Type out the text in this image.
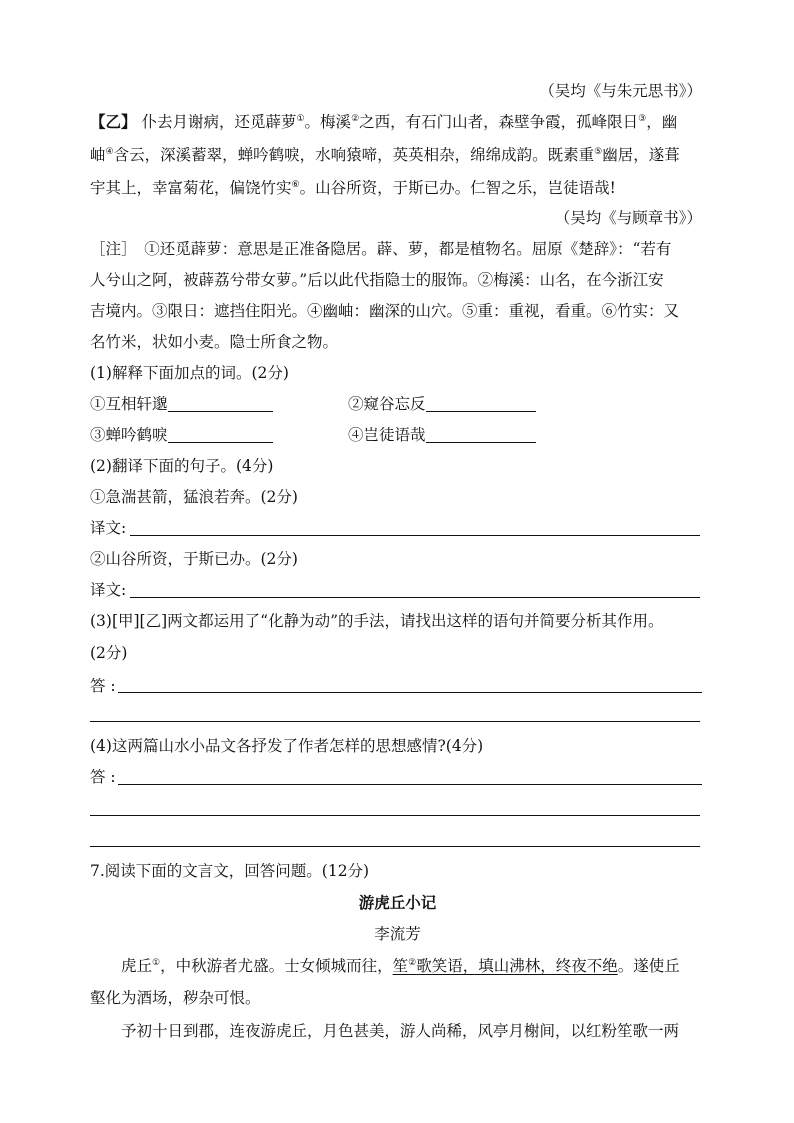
（吴均《与朱元思书》）
【乙】 仆去月谢病，还觅薜萝①。梅溪②之西，有石门山者，森壁争霞，孤峰限日③，幽
岫④含云，深溪蓄翠，蝉吟鹤唳，水响猿啼，英英相杂，绵绵成韵。既素重⑤幽居，遂葺
宇其上，幸富菊花，偏饶竹实⑥。山谷所资，于斯已办。仁智之乐，岂徒语哉!
（吴均《与顾章书》）
［注］　①还觅薜萝：意思是正准备隐居。薜、萝，都是植物名。屈原《楚辞》：“若有
人兮山之阿，被薜荔兮带女萝。”后以此代指隐士的服饰。②梅溪：山名，在今浙江安
吉境内。③限日：遮挡住阳光。④幽岫：幽深的山穴。⑤重：重视，看重。⑥竹实：又
名竹米，状如小麦。隐士所食之物。
(1)解释下面加点的词。(2分)
①互相轩邈	②窥谷忘反
③蝉吟鹤唳	④岂徒语哉
(2)翻译下面的句子。(4分)
①急湍甚箭，猛浪若奔。(2分)
译文:
②山谷所资，于斯已办。(2分)
译文:
(3)[甲][乙]两文都运用了“化静为动”的手法，请找出这样的语句并简要分析其作用。
(2分)
答 :
(4)这两篇山水小品文各抒发了作者怎样的思想感情?(4分)
答 :
7.阅读下面的文言文，回答问题。(12分)
游虎丘小记
李流芳
虎丘①，中秋游者尤盛。士女倾城而往，笙②歌笑语，填山沸林，终夜不绝。遂使丘
壑化为酒场，秽杂可恨。
予初十日到郡，连夜游虎丘，月色甚美，游人尚稀，风亭月榭间，以红粉笙歌一两
